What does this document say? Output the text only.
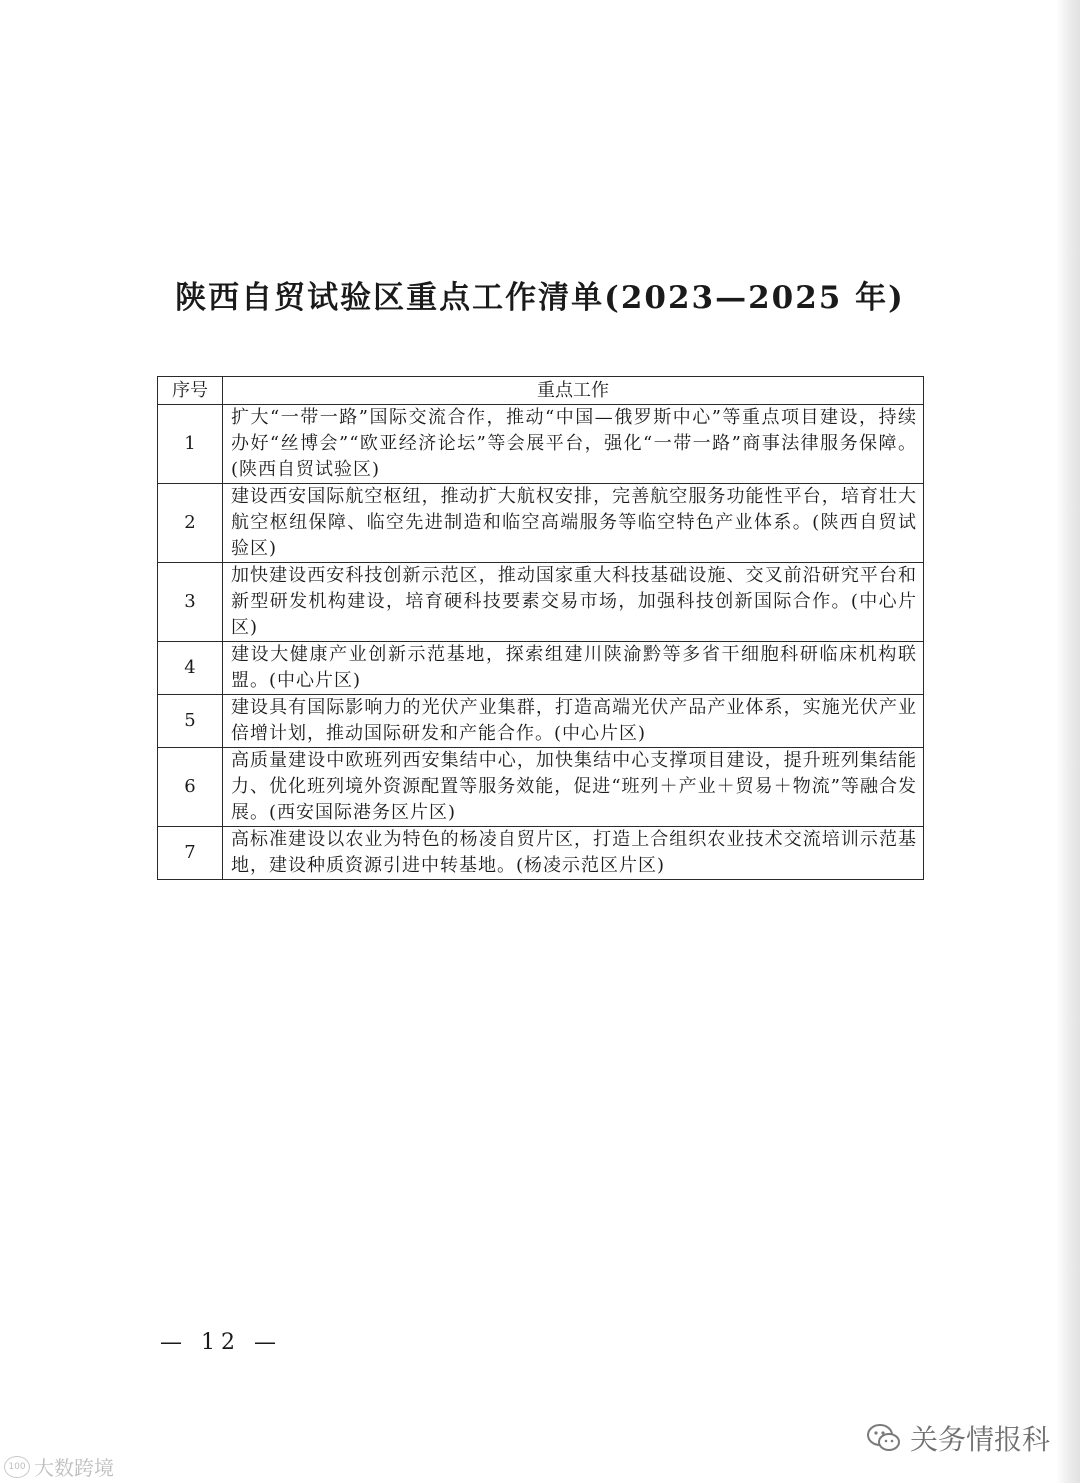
陕西自贸试验区重点工作清单(2023—2025 年)
序号	重点工作
1	扩大“一带一路”国际交流合作，推动“中国—俄罗斯中心”等重点项目建设，持续办好“丝博会”“欧亚经济论坛”等会展平台，强化“一带一路”商事法律服务保障。(陕西自贸试验区)
2	建设西安国际航空枢纽，推动扩大航权安排，完善航空服务功能性平台，培育壮大航空枢纽保障、临空先进制造和临空高端服务等临空特色产业体系。(陕西自贸试验区)
3	加快建设西安科技创新示范区，推动国家重大科技基础设施、交叉前沿研究平台和新型研发机构建设，培育硬科技要素交易市场，加强科技创新国际合作。(中心片区)
4	建设大健康产业创新示范基地，探索组建川陕渝黔等多省干细胞科研临床机构联盟。(中心片区)
5	建设具有国际影响力的光伏产业集群，打造高端光伏产品产业体系，实施光伏产业倍增计划，推动国际研发和产能合作。(中心片区)
6	高质量建设中欧班列西安集结中心，加快集结中心支撑项目建设，提升班列集结能力、优化班列境外资源配置等服务效能，促进“班列＋产业＋贸易＋物流”等融合发展。(西安国际港务区片区)
7	高标准建设以农业为特色的杨凌自贸片区，打造上合组织农业技术交流培训示范基地，建设种质资源引进中转基地。(杨凌示范区片区)
— 12 —
100 大数跨境
关务情报科
